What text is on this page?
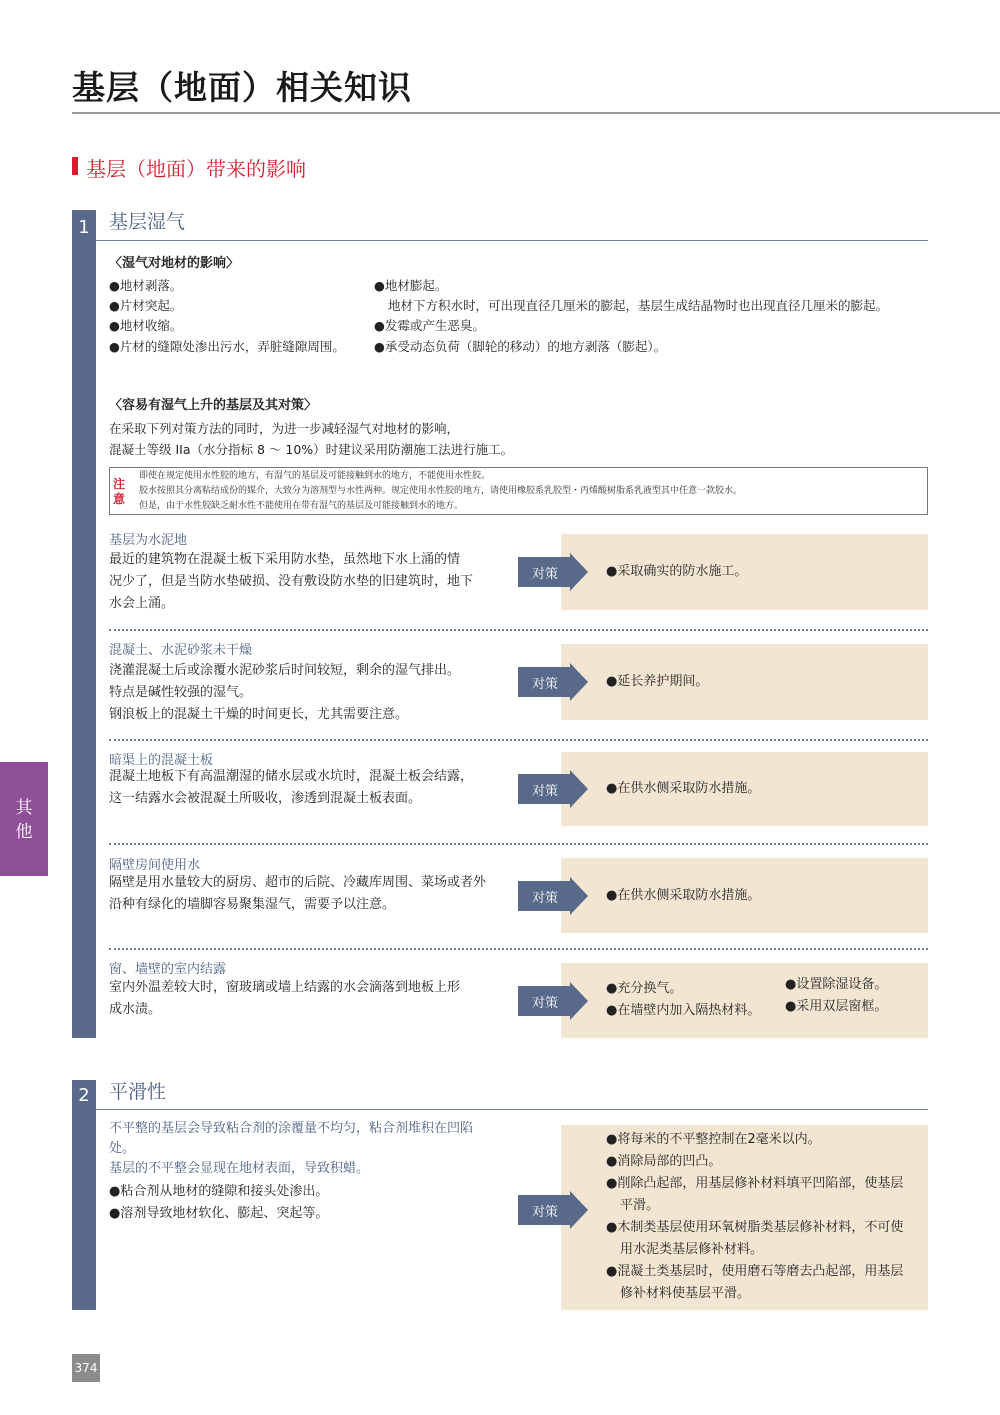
基层（地面）相关知识
基层（地面）带来的影响
1	基层湿气
〈湿气对地材的影响〉
●地材剥落。
●片材突起。
●地材收缩。
●片材的缝隙处渗出污水，弄脏缝隙周围。
●地材膨起。
地材下方积水时，可出现直径几厘米的膨起，基层生成结晶物时也出现直径几厘米的膨起。
●发霉或产生恶臭。
●承受动态负荷（脚轮的移动）的地方剥落（膨起）。
〈容易有湿气上升的基层及其对策〉
在采取下列对策方法的同时，为进一步减轻湿气对地材的影响，
混凝土等级 IIa（水分指标 8 ～ 10%）时建议采用防潮施工法进行施工。
注意
即使在规定使用水性胶的地方，有湿气的基层及可能接触到水的地方，不能使用水性胶。
胶水按照其分离粘结成份的媒介，大致分为溶剂型与水性两种。规定使用水性胶的地方，请使用橡胶系乳胶型・丙烯酸树脂系乳液型其中任意一款胶水。
但是，由于水性胶缺乏耐水性不能使用在带有湿气的基层及可能接触到水的地方。
基层为水泥地
最近的建筑物在混凝土板下采用防水垫，虽然地下水上涌的情
况少了，但是当防水垫破损、没有敷设防水垫的旧建筑时，地下
水会上涌。
对策	●采取确实的防水施工。
混凝土、水泥砂浆未干燥
浇灌混凝土后或涂覆水泥砂浆后时间较短，剩余的湿气排出。
特点是碱性较强的湿气。
钢浪板上的混凝土干燥的时间更长，尤其需要注意。
对策	●延长养护期间。
暗渠上的混凝土板
混凝土地板下有高温潮湿的储水层或水坑时，混凝土板会结露，
这一结露水会被混凝土所吸收，渗透到混凝土板表面。	对策	●在供水侧采取防水措施。
隔壁房间使用水
隔壁是用水量较大的厨房、超市的后院、冷藏库周围、菜场或者外
沿种有绿化的墙脚容易聚集湿气，需要予以注意。	对策	●在供水侧采取防水措施。
窗、墙壁的室内结露
室内外温差较大时，窗玻璃或墙上结露的水会滴落到地板上形
成水渍。	对策
●充分换气。
●在墙壁内加入隔热材料。
●设置除湿设备。
●采用双层窗框。
2	平滑性
不平整的基层会导致粘合剂的涂覆量不均匀，粘合剂堆积在凹陷
处。
基层的不平整会显现在地材表面，导致积蜡。
●粘合剂从地材的缝隙和接头处渗出。
●溶剂导致地材软化、膨起、突起等。	对策
●将每米的不平整控制在2毫米以内。
●消除局部的凹凸。
●削除凸起部，用基层修补材料填平凹陷部，使基层
平滑。
●木制类基层使用环氧树脂类基层修补材料，不可使
用水泥类基层修补材料。
●混凝土类基层时，使用磨石等磨去凸起部，用基层
修补材料使基层平滑。
其他
374
